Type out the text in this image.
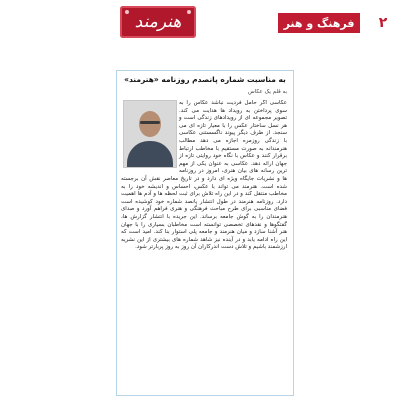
هنرمند	فرهنگ و هنر	۲
به مناسبت شماره پانصدم روزنامه «هنرمند»
به قلم یک عکاس

عکاسی اگر حامل فرديت نباشد عکاس را به سوی پرداختن به رويداد ها هدايت می کند. تصوير مجموعه ای از رويدادهای زندگی است و هر نسل ساختار عکس را با معيار تازه ای می سنجد. از طرف ديگر پيوند ناگسستنی عکاسی با زندگی روزمره اجازه می دهد مطالب هنرمندانه به صورت مستقيم با مخاطب ارتباط برقرار کنند و عکاس با نگاه خود روايتی تازه از جهان ارائه دهد. عکاسی به عنوان يکی از مهم ترين رسانه های بيان هنری، امروز در روزنامه ها و نشريات جايگاه ويژه ای دارد و در تاريخ معاصر نقش آن برجسته شده است. هنرمند می تواند با عکس، احساس و انديشه خود را به مخاطب منتقل کند و در اين راه تلاش برای ثبت لحظه ها و آدم ها اهميت دارد. روزنامه هنرمند در طول انتشار پانصد شماره خود کوشيده است فضای مناسبی برای طرح مباحث فرهنگی و هنری فراهم آورد و صدای هنرمندان را به گوش جامعه برساند. اين جريده با انتشار گزارش ها، گفتگوها و نقدهای تخصصی توانسته است مخاطبان بسياری را با جهان هنر آشنا سازد و ميان هنرمند و جامعه پلی استوار بنا کند. اميد است که اين راه ادامه يابد و در آينده نيز شاهد شماره های بيشتری از اين نشريه ارزشمند باشيم و تلاش دست اندرکاران آن روز به روز پربارتر شود.
